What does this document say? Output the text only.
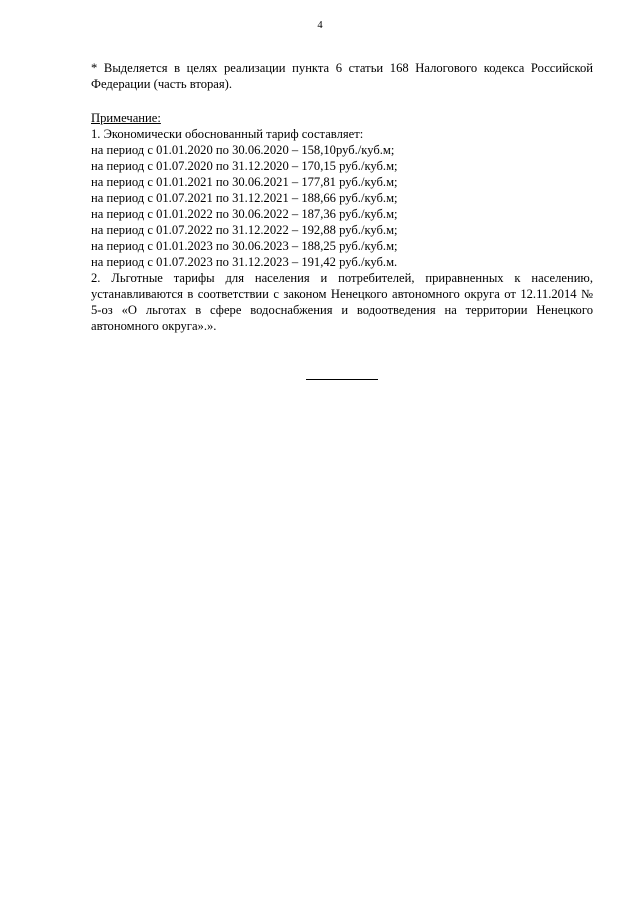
4

* Выделяется в целях реализации пункта 6 статьи 168 Налогового кодекса Российской Федерации (часть вторая).

Примечание:

1. Экономически обоснованный тариф составляет:

на период с 01.01.2020 по 30.06.2020 – 158,10руб./куб.м;

на период с 01.07.2020 по 31.12.2020 – 170,15 руб./куб.м;

на период с 01.01.2021 по 30.06.2021 – 177,81 руб./куб.м;

на период с 01.07.2021 по 31.12.2021 – 188,66 руб./куб.м;

на период с 01.01.2022 по 30.06.2022 – 187,36 руб./куб.м;

на период с 01.07.2022 по 31.12.2022 – 192,88 руб./куб.м;

на период с 01.01.2023 по 30.06.2023 – 188,25 руб./куб.м;

на период с 01.07.2023 по 31.12.2023 – 191,42 руб./куб.м.

2. Льготные тарифы для населения и потребителей, приравненных к населению, устанавливаются в соответствии с законом Ненецкого автономного округа от 12.11.2014 № 5-оз «О льготах в сфере водоснабжения и водоотведения на территории Ненецкого автономного округа».».
